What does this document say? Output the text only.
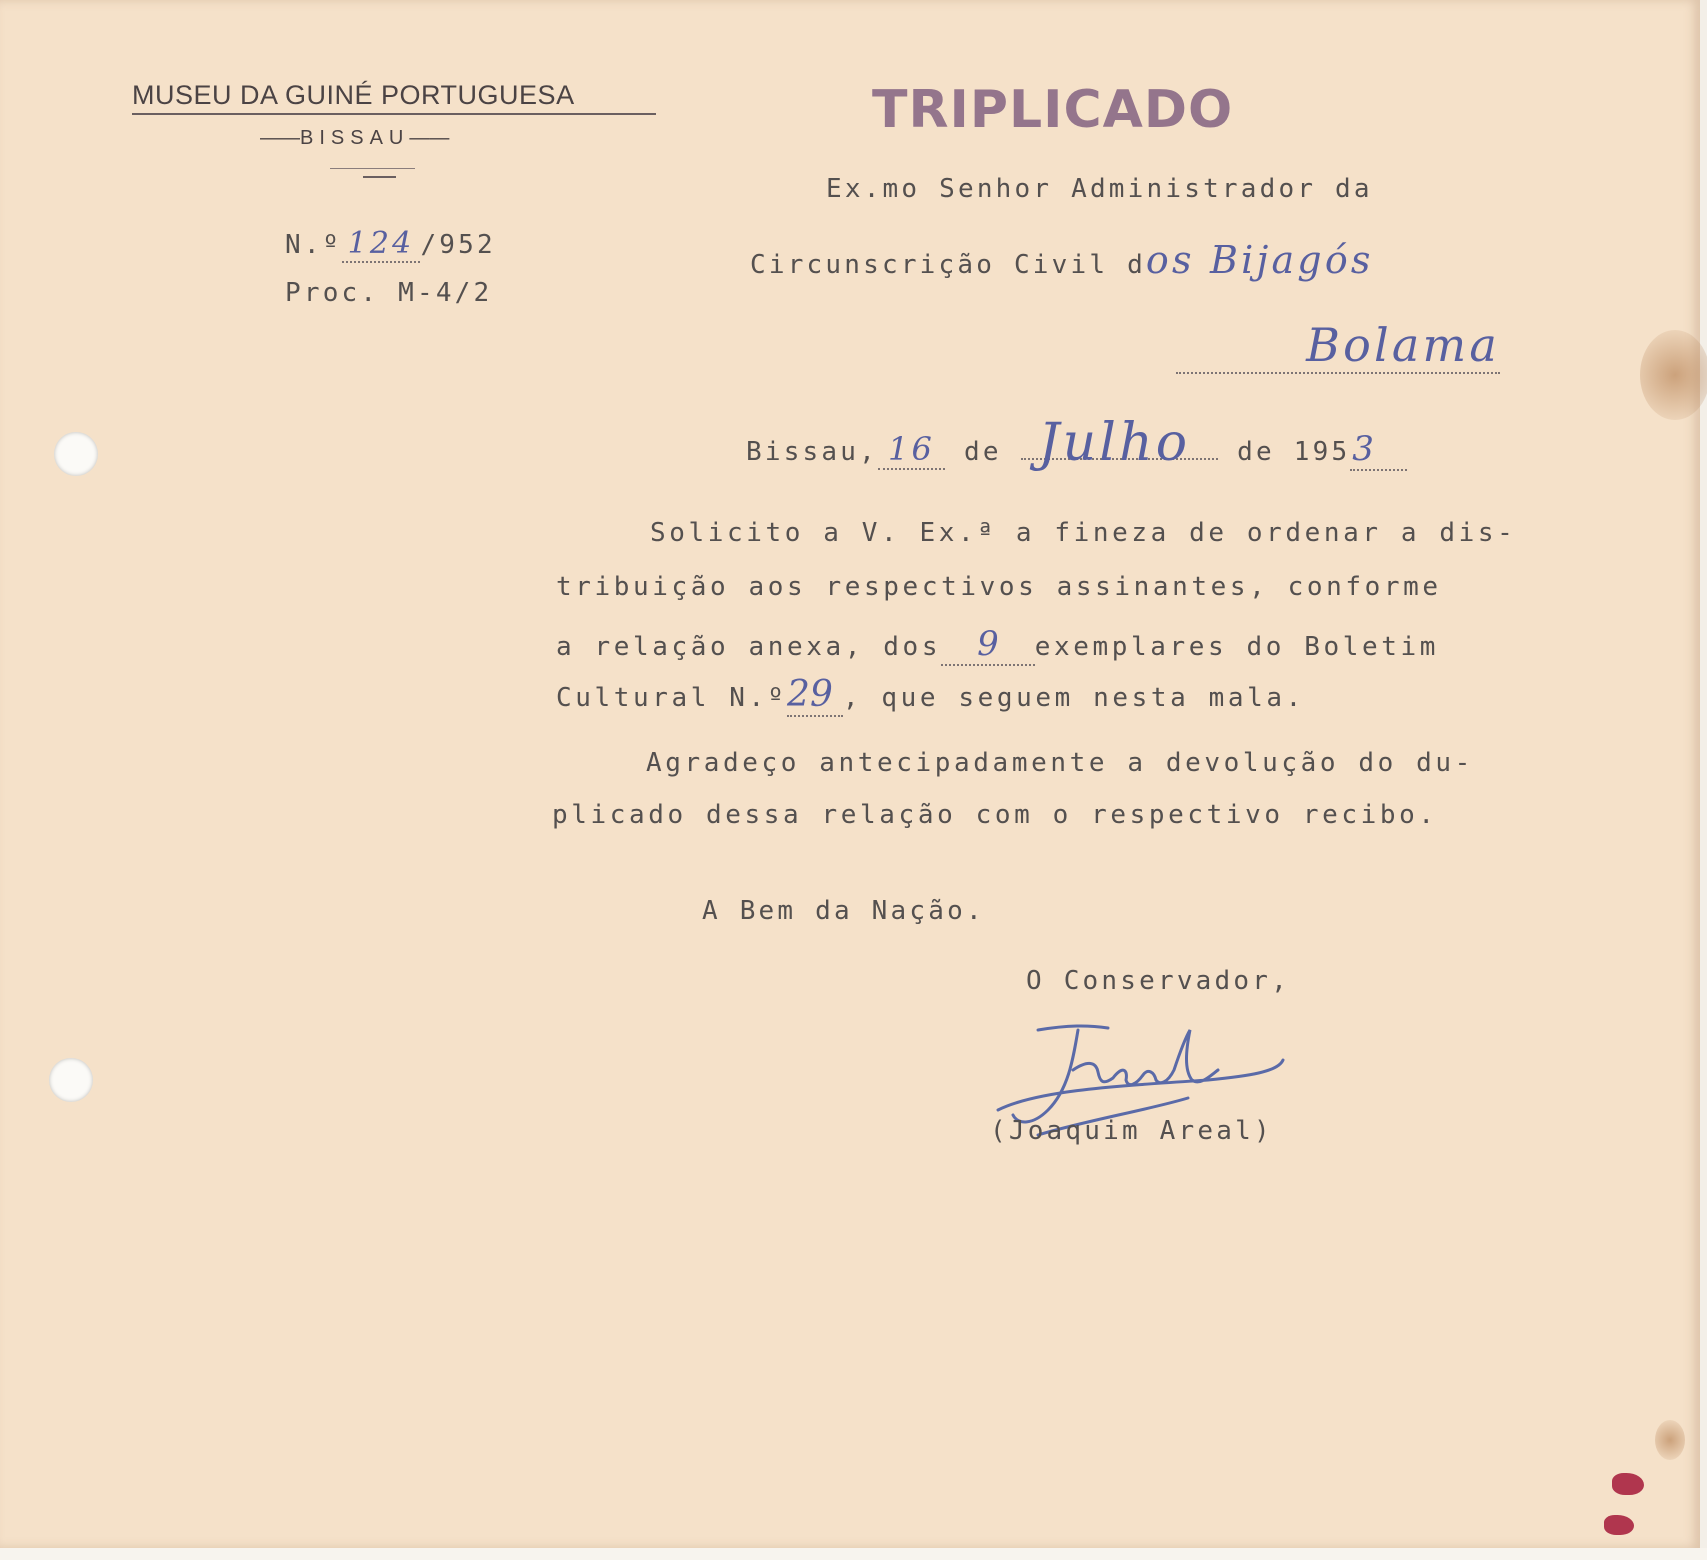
MUSEU DA GUINÉ PORTUGUESA
——BISSAU——	TRIPLICADO
N.º 124 /952
Proc. M-4/2
Ex.mo Senhor Administrador da
Circunscrição Civil dos Bijagós
Bolama
Bissau, 16 de Julho de 1953
Solicito a V. Ex.ª a fineza de ordenar a dis-
tribuição aos respectivos assinantes, conforme
a relação anexa, dos 9 exemplares do Boletim
Cultural N.º29 , que seguem nesta mala.
Agradeço antecipadamente a devolução do du-
plicado dessa relação com o respectivo recibo.
A Bem da Nação.
O Conservador,
(Joaquim Areal)
